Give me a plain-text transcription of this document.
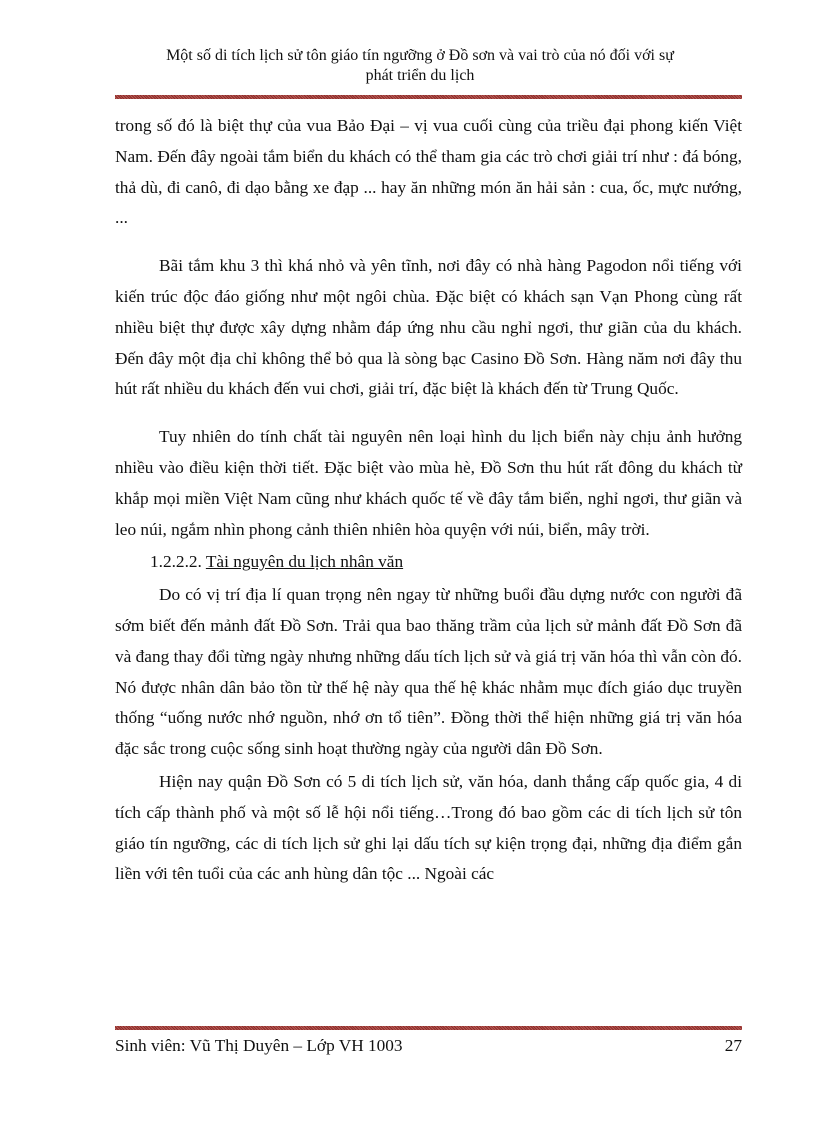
Một số di tích lịch sử tôn giáo tín ngưỡng ở Đồ sơn và vai trò của nó đối với sự
phát triển du lịch

trong số đó là biệt thự của vua Bảo Đại – vị vua cuối cùng của triều đại phong kiến Việt Nam. Đến đây ngoài tắm biển du khách có thể tham gia các trò chơi giải trí như : đá bóng, thả dù, đi canô, đi dạo bằng xe đạp ... hay ăn những món ăn hải sản : cua, ốc, mực nướng, ...

Bãi tắm khu 3 thì khá nhỏ và yên tĩnh, nơi đây có nhà hàng Pagodon nổi tiếng với kiến trúc độc đáo giống như một ngôi chùa. Đặc biệt có khách sạn Vạn Phong cùng rất nhiều biệt thự được xây dựng nhằm đáp ứng nhu cầu nghỉ ngơi, thư giãn của du khách. Đến đây một địa chỉ không thể bỏ qua là sòng bạc Casino Đồ Sơn. Hàng năm nơi đây thu hút rất nhiều du khách đến vui chơi, giải trí, đặc biệt là khách đến từ Trung Quốc.

Tuy nhiên do tính chất tài nguyên nên loại hình du lịch biển này chịu ảnh hưởng nhiều vào điều kiện thời tiết. Đặc biệt vào mùa hè, Đồ Sơn thu hút rất đông du khách từ khắp mọi miền Việt Nam cũng như khách quốc tế về đây tắm biển, nghỉ ngơi, thư giãn và leo núi, ngắm nhìn phong cảnh thiên nhiên hòa quyện với núi, biển, mây trời.

1.2.2.2. Tài nguyên du lịch nhân văn

Do có vị trí địa lí quan trọng nên ngay từ những buổi đầu dựng nước con người đã sớm biết đến mảnh đất Đồ Sơn. Trải qua bao thăng trầm của lịch sử mảnh đất Đồ Sơn đã và đang thay đổi từng ngày nhưng những dấu tích lịch sử và giá trị văn hóa thì vẫn còn đó. Nó được nhân dân bảo tồn từ thế hệ này qua thế hệ khác nhằm mục đích giáo dục truyền thống “uống nước nhớ nguồn, nhớ ơn tổ tiên”. Đồng thời thể hiện những giá trị văn hóa đặc sắc trong cuộc sống sinh hoạt thường ngày của người dân Đồ Sơn.

Hiện nay quận Đồ Sơn có 5 di tích lịch sử, văn hóa, danh thắng cấp quốc gia, 4 di tích cấp thành phố và một số lễ hội nổi tiếng…Trong đó bao gồm các di tích lịch sử tôn giáo tín ngưỡng, các di tích lịch sử ghi lại dấu tích sự kiện trọng đại, những địa điểm gắn liền với tên tuổi của các anh hùng dân tộc ... Ngoài các

Sinh viên: Vũ Thị Duyên – Lớp VH 1003	27
